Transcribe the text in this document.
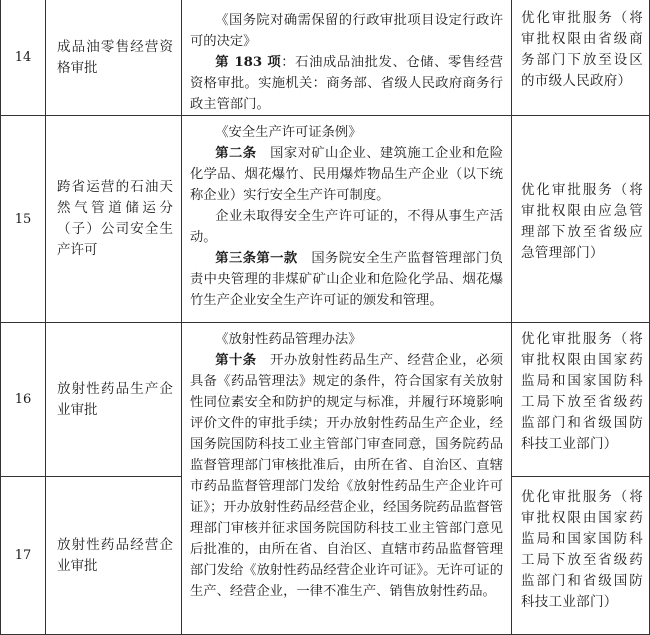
14
成品油零售经营资格审批

《国务院对确需保留的行政审批项目设定行政许可的决定》

第 183 项：石油成品油批发、仓储、零售经营资格审批。实施机关：商务部、省级人民政府商务行政主管部门。

优化审批服务（将审批权限由省级商务部门下放至设区的市级人民政府）
15
跨省运营的石油天然气管道储运分（子）公司安全生产许可

《安全生产许可证条例》

第二条　国家对矿山企业、建筑施工企业和危险化学品、烟花爆竹、民用爆炸物品生产企业（以下统称企业）实行安全生产许可制度。

企业未取得安全生产许可证的，不得从事生产活动。

第三条第一款　国务院安全生产监督管理部门负责中央管理的非煤矿矿山企业和危险化学品、烟花爆竹生产企业安全生产许可证的颁发和管理。

优化审批服务（将审批权限由应急管理部下放至省级应急管理部门）

《放射性药品管理办法》

第十条　开办放射性药品生产、经营企业，必须具备《药品管理法》规定的条件，符合国家有关放射性同位素安全和防护的规定与标准，并履行环境影响评价文件的审批手续；开办放射性药品生产企业，经国务院国防科技工业主管部门审查同意，国务院药品监督管理部门审核批准后，由所在省、自治区、直辖市药品监督管理部门发给《放射性药品生产企业许可证》；开办放射性药品经营企业，经国务院药品监督管理部门审核并征求国务院国防科技工业主管部门意见后批准的，由所在省、自治区、直辖市药品监督管理部门发给《放射性药品经营企业许可证》。无许可证的生产、经营企业，一律不准生产、销售放射性药品。

16
放射性药品生产企业审批
优化审批服务（将审批权限由国家药监局和国家国防科工局下放至省级药监部门和省级国防科技工业部门）
17
放射性药品经营企业审批
优化审批服务（将审批权限由国家药监局和国家国防科工局下放至省级药监部门和省级国防科技工业部门）
